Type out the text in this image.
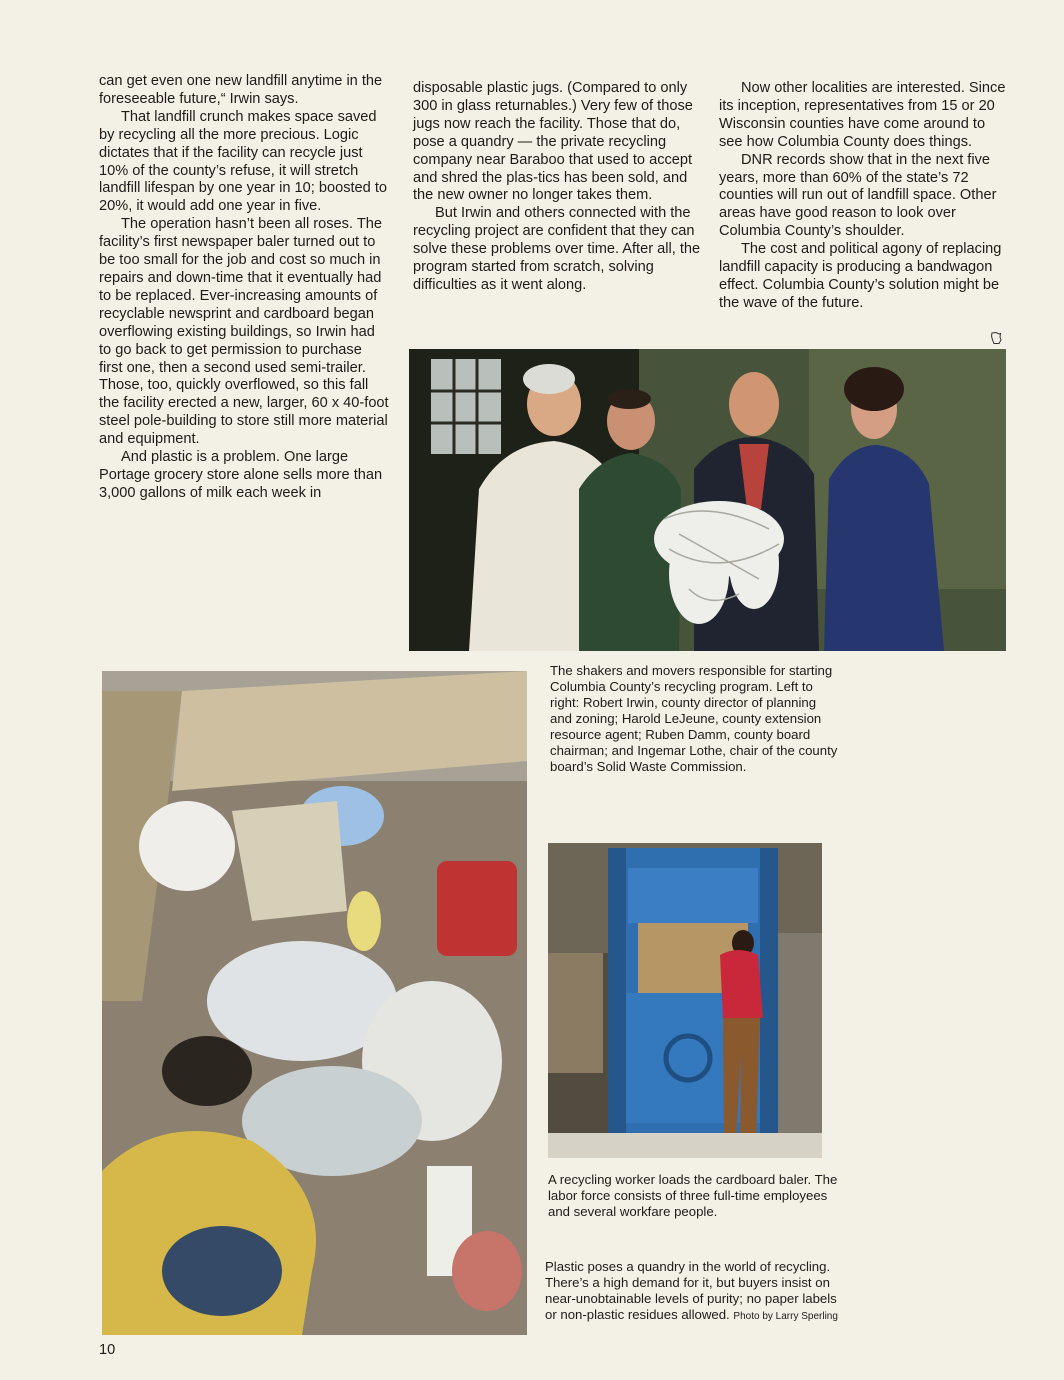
can get even one new landfill anytime in the foreseeable future,“ Irwin says.

That landfill crunch makes space saved by recycling all the more precious. Logic dictates that if the facility can recycle just 10% of the county’s refuse, it will stretch landfill lifespan by one year in 10; boosted to 20%, it would add one year in five.

The operation hasn’t been all roses. The facility’s first newspaper baler turned out to be too small for the job and cost so much in repairs and down-time that it eventually had to be replaced. Ever-increasing amounts of recyclable newsprint and cardboard began overflowing existing buildings, so Irwin had to go back to get permission to purchase first one, then a second used semi-trailer. Those, too, quickly overflowed, so this fall the facility erected a new, larger, 60 x 40-foot steel pole-building to store still more material and equipment.

And plastic is a problem. One large Portage grocery store alone sells more than 3,000 gallons of milk each week in

disposable plastic jugs. (Compared to only 300 in glass returnables.) Very few of those jugs now reach the facility. Those that do, pose a quandry — the private recycling company near Baraboo that used to accept and shred the plas-tics has been sold, and the new owner no longer takes them.

But Irwin and others connected with the recycling project are confident that they can solve these problems over time. After all, the program started from scratch, solving difficulties as it went along.

Now other localities are interested. Since its inception, representatives from 15 or 20 Wisconsin counties have come around to see how Columbia County does things.

DNR records show that in the next five years, more than 60% of the state’s 72 counties will run out of landfill space. Other areas have good reason to look over Columbia County’s shoulder.

The cost and political agony of replacing landfill capacity is producing a bandwagon effect. Columbia County’s solution might be the wave of the future.

The shakers and movers responsible for starting Columbia County’s recycling program. Left to right: Robert Irwin, county director of planning and zoning; Harold LeJeune, county extension resource agent; Ruben Damm, county board chairman; and Ingemar Lothe, chair of the county board’s Solid Waste Commission.
A recycling worker loads the cardboard baler. The labor force consists of three full-time employees and several workfare people.
Plastic poses a quandry in the world of recycling. There’s a high demand for it, but buyers insist on near-unobtainable levels of purity; no paper labels or non-plastic residues allowed. Photo by Larry Sperling
10
